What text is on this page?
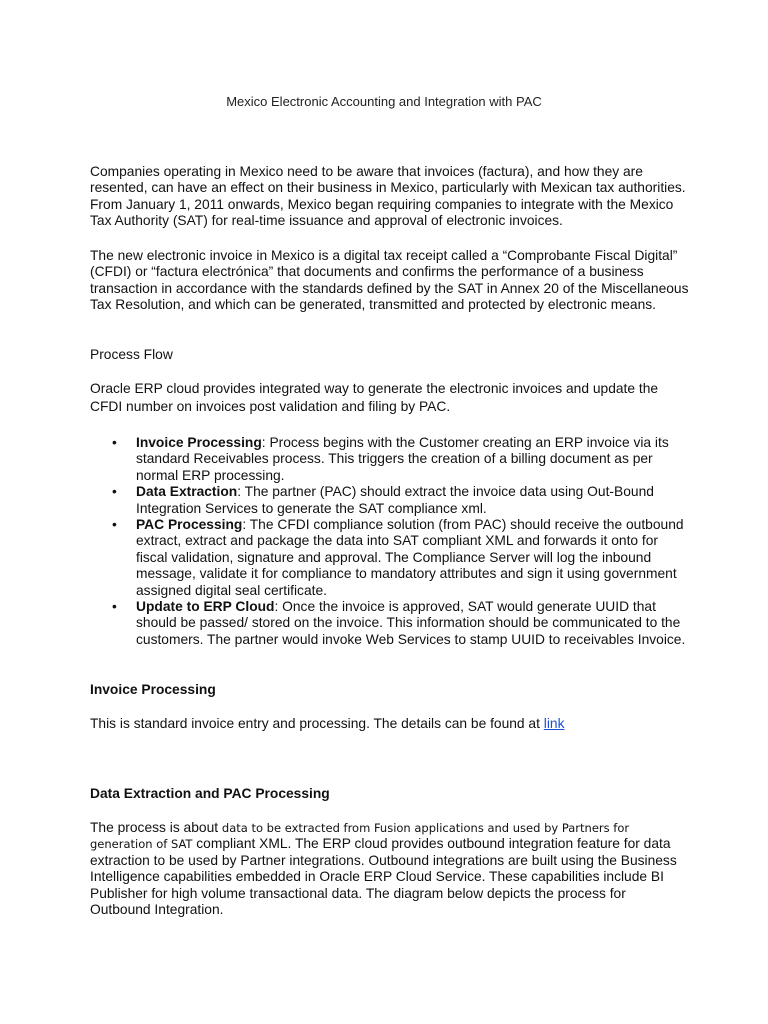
Mexico Electronic Accounting and Integration with PAC
Companies operating in Mexico need to be aware that invoices (factura), and how they are resented, can have an effect on their business in Mexico, particularly with Mexican tax authorities. From January 1, 2011 onwards, Mexico began requiring companies to integrate with the Mexico Tax Authority (SAT) for real-time issuance and approval of electronic invoices.
The new electronic invoice in Mexico is a digital tax receipt called a “Comprobante Fiscal Digital” (CFDI) or “factura electrónica” that documents and confirms the performance of a business transaction in accordance with the standards defined by the SAT in Annex 20 of the Miscellaneous Tax Resolution, and which can be generated, transmitted and protected by electronic means.
Process Flow
Oracle ERP cloud provides integrated way to generate the electronic invoices and update the CFDI number on invoices post validation and filing by PAC.
• Invoice Processing: Process begins with the Customer creating an ERP invoice via its standard Receivables process. This triggers the creation of a billing document as per normal ERP processing.
• Data Extraction: The partner (PAC) should extract the invoice data using Out-Bound Integration Services to generate the SAT compliance xml.
• PAC Processing: The CFDI compliance solution (from PAC) should receive the outbound extract, extract and package the data into SAT compliant XML and forwards it onto for fiscal validation, signature and approval. The Compliance Server will log the inbound message, validate it for compliance to mandatory attributes and sign it using government assigned digital seal certificate.
• Update to ERP Cloud: Once the invoice is approved, SAT would generate UUID that should be passed/ stored on the invoice. This information should be communicated to the customers. The partner would invoke Web Services to stamp UUID to receivables Invoice.
Invoice Processing
This is standard invoice entry and processing. The details can be found at link
Data Extraction and PAC Processing
The process is about data to be extracted from Fusion applications and used by Partners for generation of SAT compliant XML. The ERP cloud provides outbound integration feature for data extraction to be used by Partner integrations. Outbound integrations are built using the Business Intelligence capabilities embedded in Oracle ERP Cloud Service. These capabilities include BI Publisher for high volume transactional data. The diagram below depicts the process for Outbound Integration.
